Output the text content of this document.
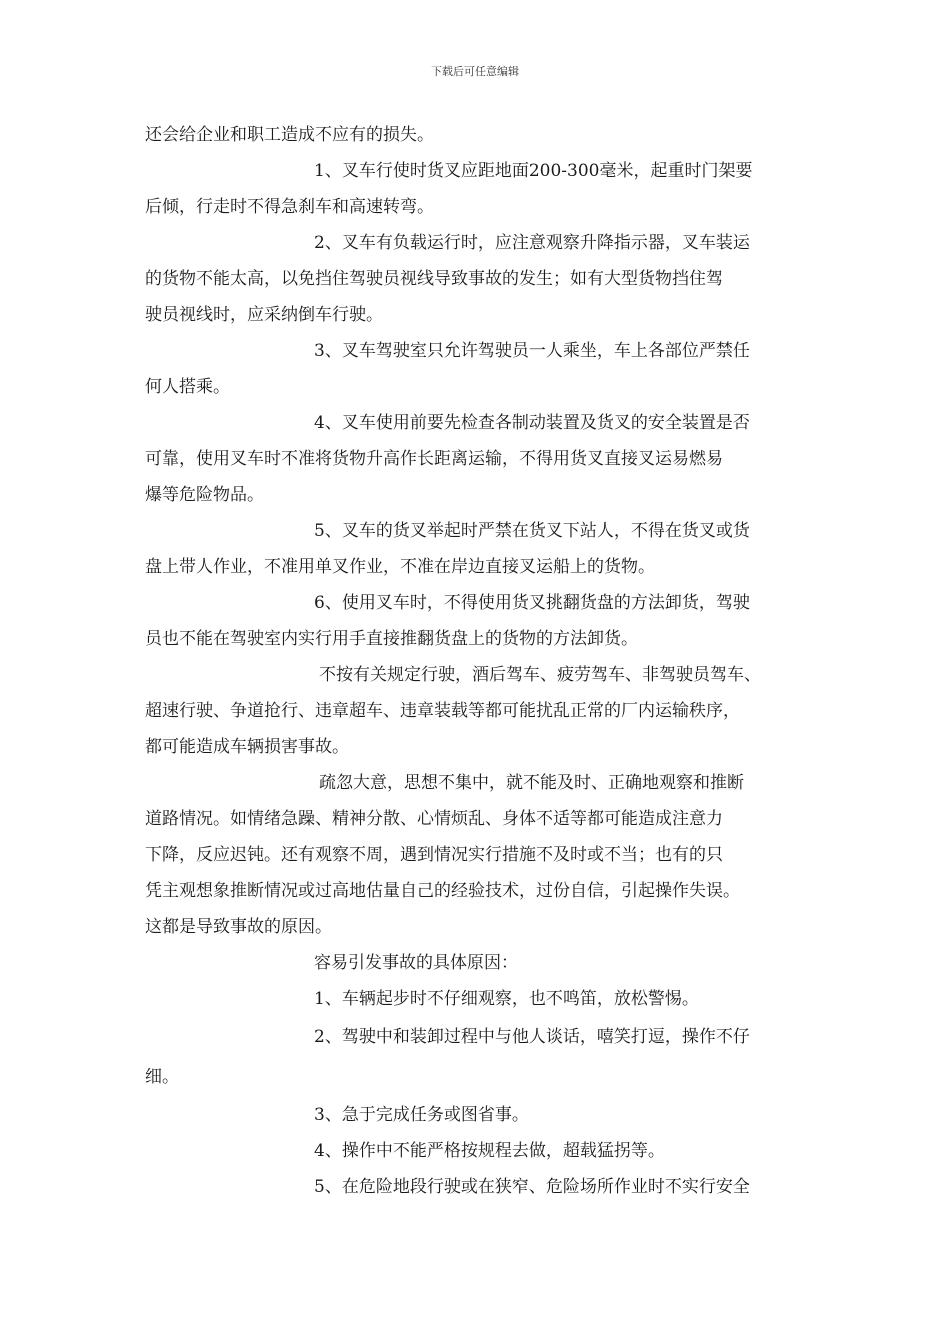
下载后可任意编辑
还会给企业和职工造成不应有的损失。
1、叉车行使时货叉应距地面200-300毫米，起重时门架要
后倾，行走时不得急刹车和高速转弯。
2、叉车有负载运行时，应注意观察升降指示器，叉车装运
的货物不能太高，以免挡住驾驶员视线导致事故的发生；如有大型货物挡住驾
驶员视线时，应采纳倒车行驶。
3、叉车驾驶室只允许驾驶员一人乘坐，车上各部位严禁任
何人搭乘。
4、叉车使用前要先检查各制动装置及货叉的安全装置是否
可靠，使用叉车时不准将货物升高作长距离运输，不得用货叉直接叉运易燃易
爆等危险物品。
5、叉车的货叉举起时严禁在货叉下站人，不得在货叉或货
盘上带人作业，不准用单叉作业，不准在岸边直接叉运船上的货物。
6、使用叉车时，不得使用货叉挑翻货盘的方法卸货，驾驶
员也不能在驾驶室内实行用手直接推翻货盘上的货物的方法卸货。
不按有关规定行驶，酒后驾车、疲劳驾车、非驾驶员驾车、
超速行驶、争道抢行、违章超车、违章装载等都可能扰乱正常的厂内运输秩序，
都可能造成车辆损害事故。
疏忽大意，思想不集中，就不能及时、正确地观察和推断
道路情况。如情绪急躁、精神分散、心情烦乱、身体不适等都可能造成注意力
下降，反应迟钝。还有观察不周，遇到情况实行措施不及时或不当；也有的只
凭主观想象推断情况或过高地估量自己的经验技术，过份自信，引起操作失误。
这都是导致事故的原因。
容易引发事故的具体原因：
1、车辆起步时不仔细观察，也不鸣笛，放松警惕。
2、驾驶中和装卸过程中与他人谈话，嘻笑打逗，操作不仔
细。
3、急于完成任务或图省事。
4、操作中不能严格按规程去做，超载猛拐等。
5、在危险地段行驶或在狭窄、危险场所作业时不实行安全
